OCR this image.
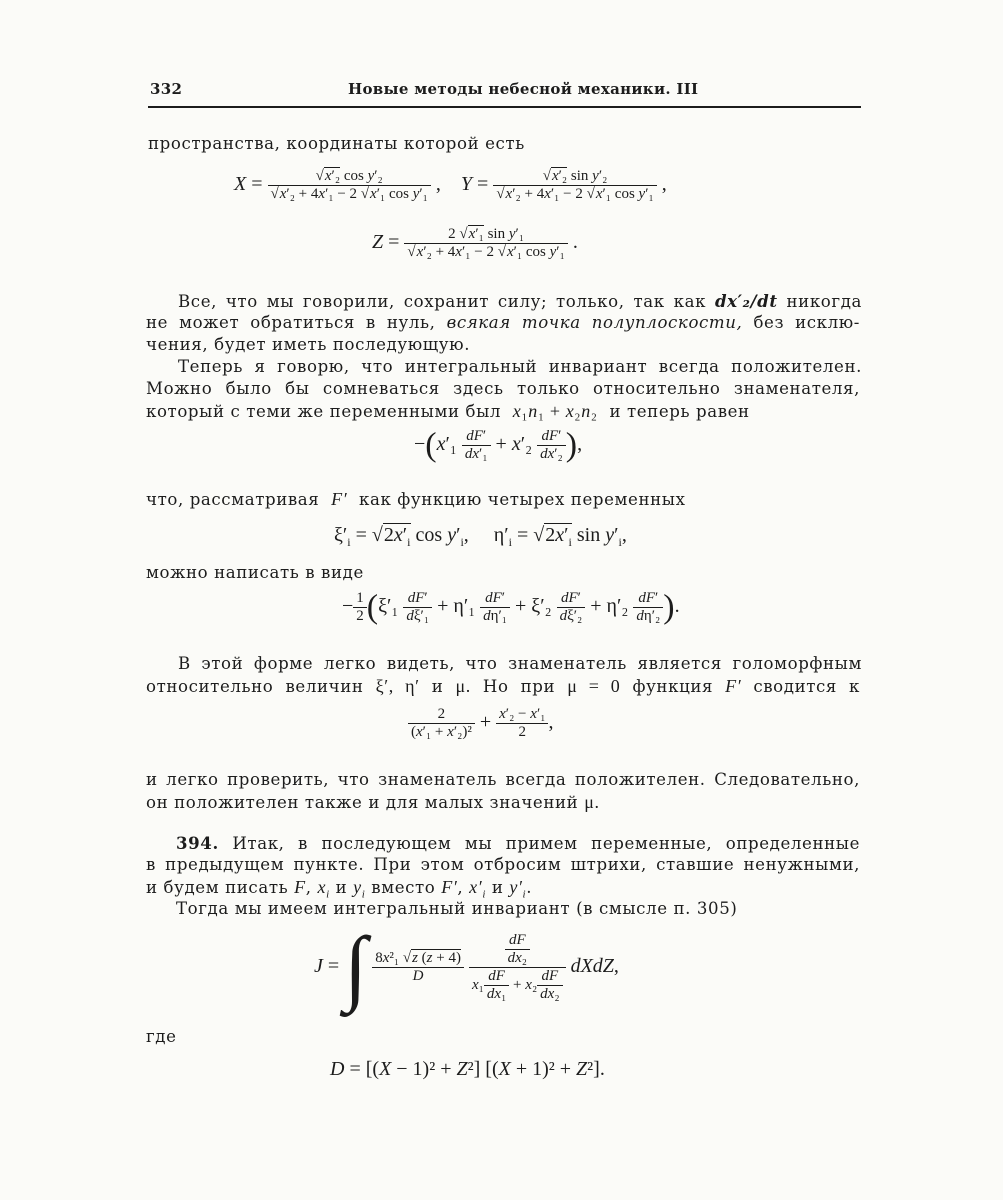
332	Новые методы небесной механики. III
пространства, координаты которой есть
$X = \frac{\text{√x′₂ cos y′₂}}{\text{√x′₂ + 4x′₁ − 2 √x′₁ cos y′₁}}$ ,    $Y = \frac{\text{√x′₂ sin y′₂}}{\text{√x′₂ + 4x′₁ − 2 √x′₁ cos y′₁}}$ ,
$Z = \frac{\text{2 √x′₁ sin y′₁}}{\text{√x′₂ + 4x′₁ − 2 √x′₁ cos y′₁}}$ .
Все, что мы говорили, сохранит силу; только, так как dx′₂/dt никогда
не может обратиться в нуль, всякая точка полуплоскости, без исклю-
чения, будет иметь последующую.
Теперь я говорю, что интегральный инвариант всегда положителен.
Можно было бы сомневаться здесь только относительно знаменателя,
который с теми же переменными был x₁n₁ + x₂n₂ и теперь равен
$-(x'_1 \frac{dF'}{\text{dx′₁}} + x'_2 \frac{dF'}{\text{dx′₂}}$ ),
что, рассматривая F′ как функцию четырех переменных
$\xi'_i = √2x'_i$ $\cos y'_i$,     $\eta'_i = √2x'_i$ $\sin y'_i$,
можно написать в виде
− $\frac{1}{2} (\xi'_1 \frac{dF'}{\text{dξ′₁}} + \eta'_1 \frac{dF'}{\text{dη′₁}} + \xi'_2 \frac{dF'}{\text{dξ′₂}} + \eta'_2 \frac{dF'}{\text{dη′₂}}$ ).
В этой форме легко видеть, что знаменатель является голоморфным
относительно величин ξ′, η′ и μ. Но при μ = 0 функция F′ сводится к
$\frac{2}{\text{(x′₁ + x′₂)²}} + \frac{\text{x′₂ − x′₁}}{2}$ ,
и легко проверить, что знаменатель всегда положителен. Следовательно,
он положителен также и для малых значений μ.
394. Итак, в последующем мы примем переменные, определенные
в предыдущем пункте. При этом отбросим штрихи, ставшие ненужными,
и будем писать F, $x_i$ и $y_i$ вместо F′, $x'_i$ и $y'_i$.
Тогда мы имеем интегральный инвариант (в смысле п. 305)
J = ∫ $\frac{\text{8x²₁ √z (z + 4)}}{D}$
$\frac{\frac{dF}{\text{dx₂}}}{x_1 \frac{dF}{\text{dx₁}} + x_2 \frac{dF}{\text{dx₂}}}$ dXdZ,
где
D = [(X − 1)² + Z²] [(X + 1)² + Z²].
